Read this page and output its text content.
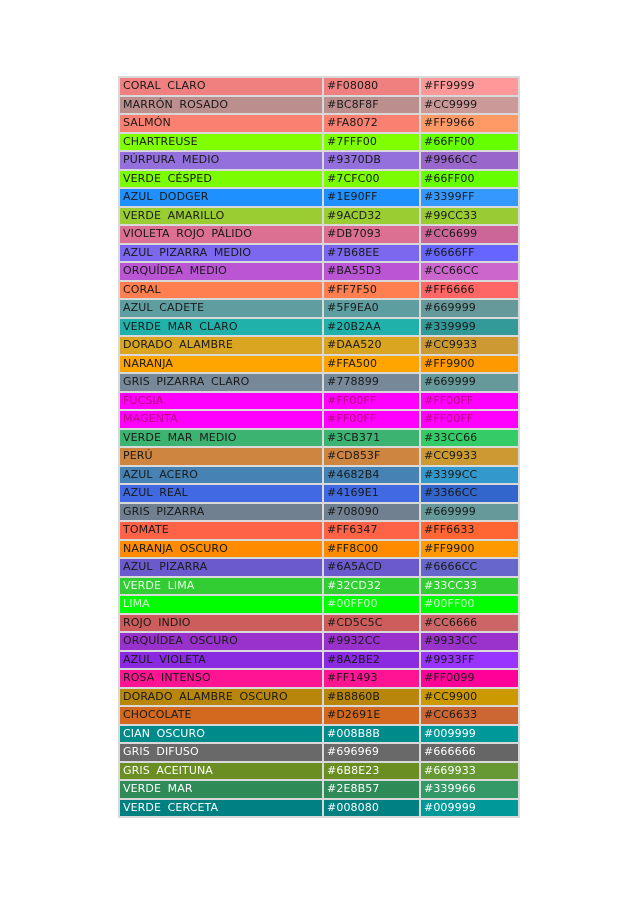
CORAL CLARO	#F08080	#FF9999
MARRÓN ROSADO	#BC8F8F	#CC9999
SALMÓN	#FA8072	#FF9966
CHARTREUSE	#7FFF00	#66FF00
PÚRPURA MEDIO	#9370DB	#9966CC
VERDE CÉSPED	#7CFC00	#66FF00
AZUL DODGER	#1E90FF	#3399FF
VERDE AMARILLO	#9ACD32	#99CC33
VIOLETA ROJO PÁLIDO	#DB7093	#CC6699
AZUL PIZARRA MEDIO	#7B68EE	#6666FF
ORQUÍDEA MEDIO	#BA55D3	#CC66CC
CORAL	#FF7F50	#FF6666
AZUL CADETE	#5F9EA0	#669999
VERDE MAR CLARO	#20B2AA	#339999
DORADO ALAMBRE	#DAA520	#CC9933
NARANJA	#FFA500	#FF9900
GRIS PIZARRA CLARO	#778899	#669999
FUCSIA	#FF00FF	#FF00FF
MAGENTA	#FF00FF	#FF00FF
VERDE MAR MEDIO	#3CB371	#33CC66
PERÚ	#CD853F	#CC9933
AZUL ACERO	#4682B4	#3399CC
AZUL REAL	#4169E1	#3366CC
GRIS PIZARRA	#708090	#669999
TOMATE	#FF6347	#FF6633
NARANJA OSCURO	#FF8C00	#FF9900
AZUL PIZARRA	#6A5ACD	#6666CC
VERDE LIMA	#32CD32	#33CC33
LIMA	#00FF00	#00FF00
ROJO INDIO	#CD5C5C	#CC6666
ORQUÍDEA OSCURO	#9932CC	#9933CC
AZUL VIOLETA	#8A2BE2	#9933FF
ROSA INTENSO	#FF1493	#FF0099
DORADO ALAMBRE OSCURO	#B8860B	#CC9900
CHOCOLATE	#D2691E	#CC6633
CIAN OSCURO	#008B8B	#009999
GRIS DIFUSO	#696969	#666666
GRIS ACEITUNA	#6B8E23	#669933
VERDE MAR	#2E8B57	#339966
VERDE CERCETA	#008080	#009999
